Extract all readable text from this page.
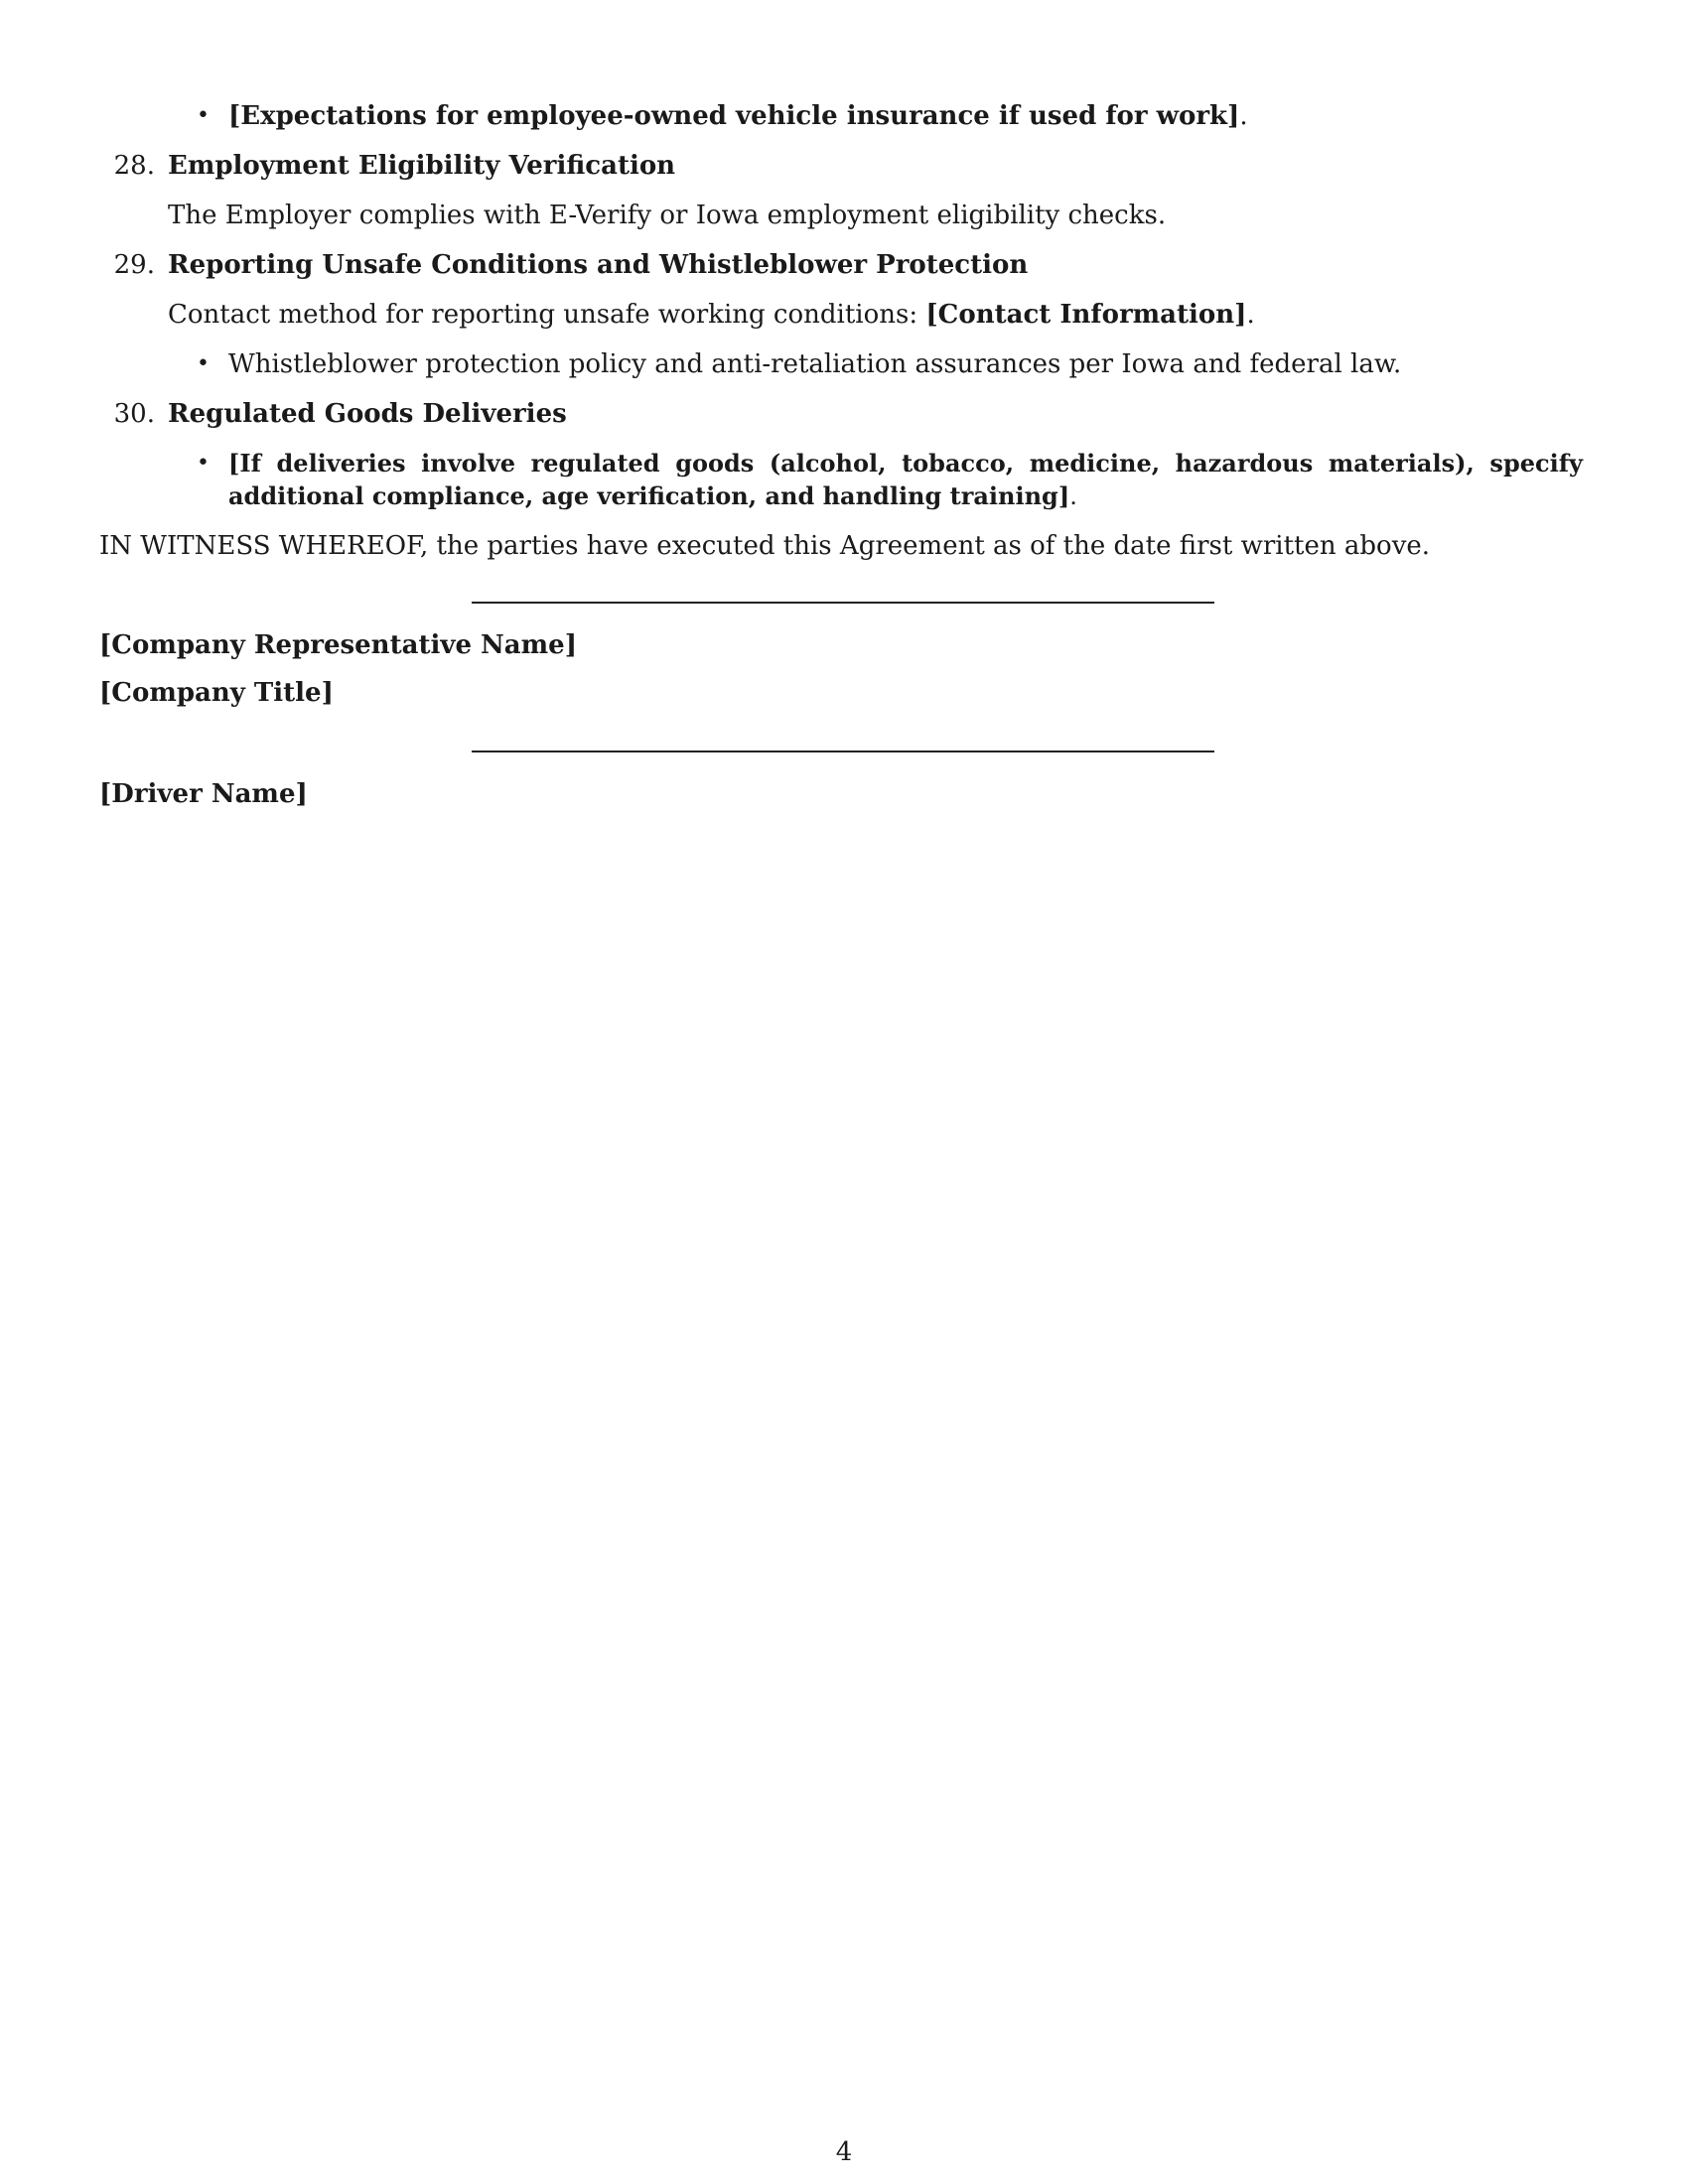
• [Expectations for employee-owned vehicle insurance if used for work].
28. Employment Eligibility Verification
The Employer complies with E-Verify or Iowa employment eligibility checks.
29. Reporting Unsafe Conditions and Whistleblower Protection
Contact method for reporting unsafe working conditions: [Contact Information].
• Whistleblower protection policy and anti-retaliation assurances per Iowa and federal law.
30. Regulated Goods Deliveries
• [If deliveries involve regulated goods (alcohol, tobacco, medicine, hazardous materials), specify additional compliance, age verification, and handling training].
IN WITNESS WHEREOF, the parties have executed this Agreement as of the date first written above.
[Company Representative Name]
[Company Title]
[Driver Name]
4
